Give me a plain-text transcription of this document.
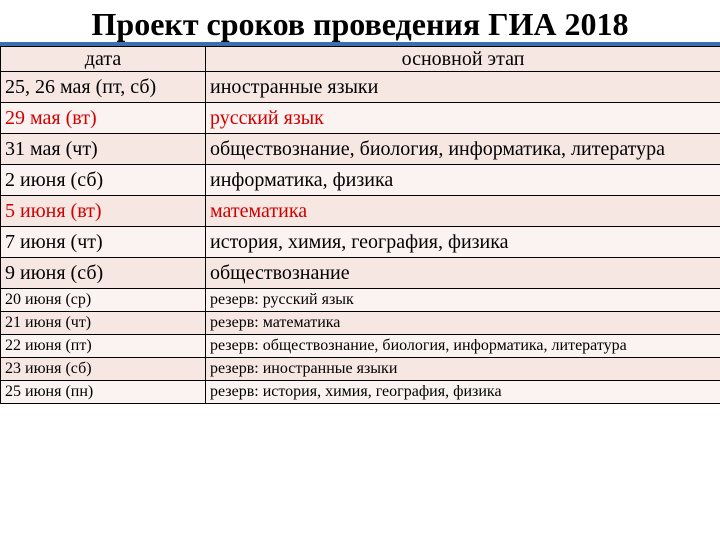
Проект сроков проведения ГИА 2018
дата	основной этап
25, 26 мая (пт, сб)	иностранные языки
29 мая (вт)	русский язык
31 мая (чт)	обществознание, биология, информатика, литература
2 июня (сб)	информатика, физика
5 июня (вт)	математика
7 июня (чт)	история, химия, география, физика
9 июня (сб)	обществознание
20 июня (ср)	резерв: русский язык
21 июня (чт)	резерв: математика
22 июня (пт)	резерв: обществознание, биология, информатика, литература
23 июня (сб)	резерв: иностранные языки
25 июня (пн)	резерв: история, химия, география, физика
